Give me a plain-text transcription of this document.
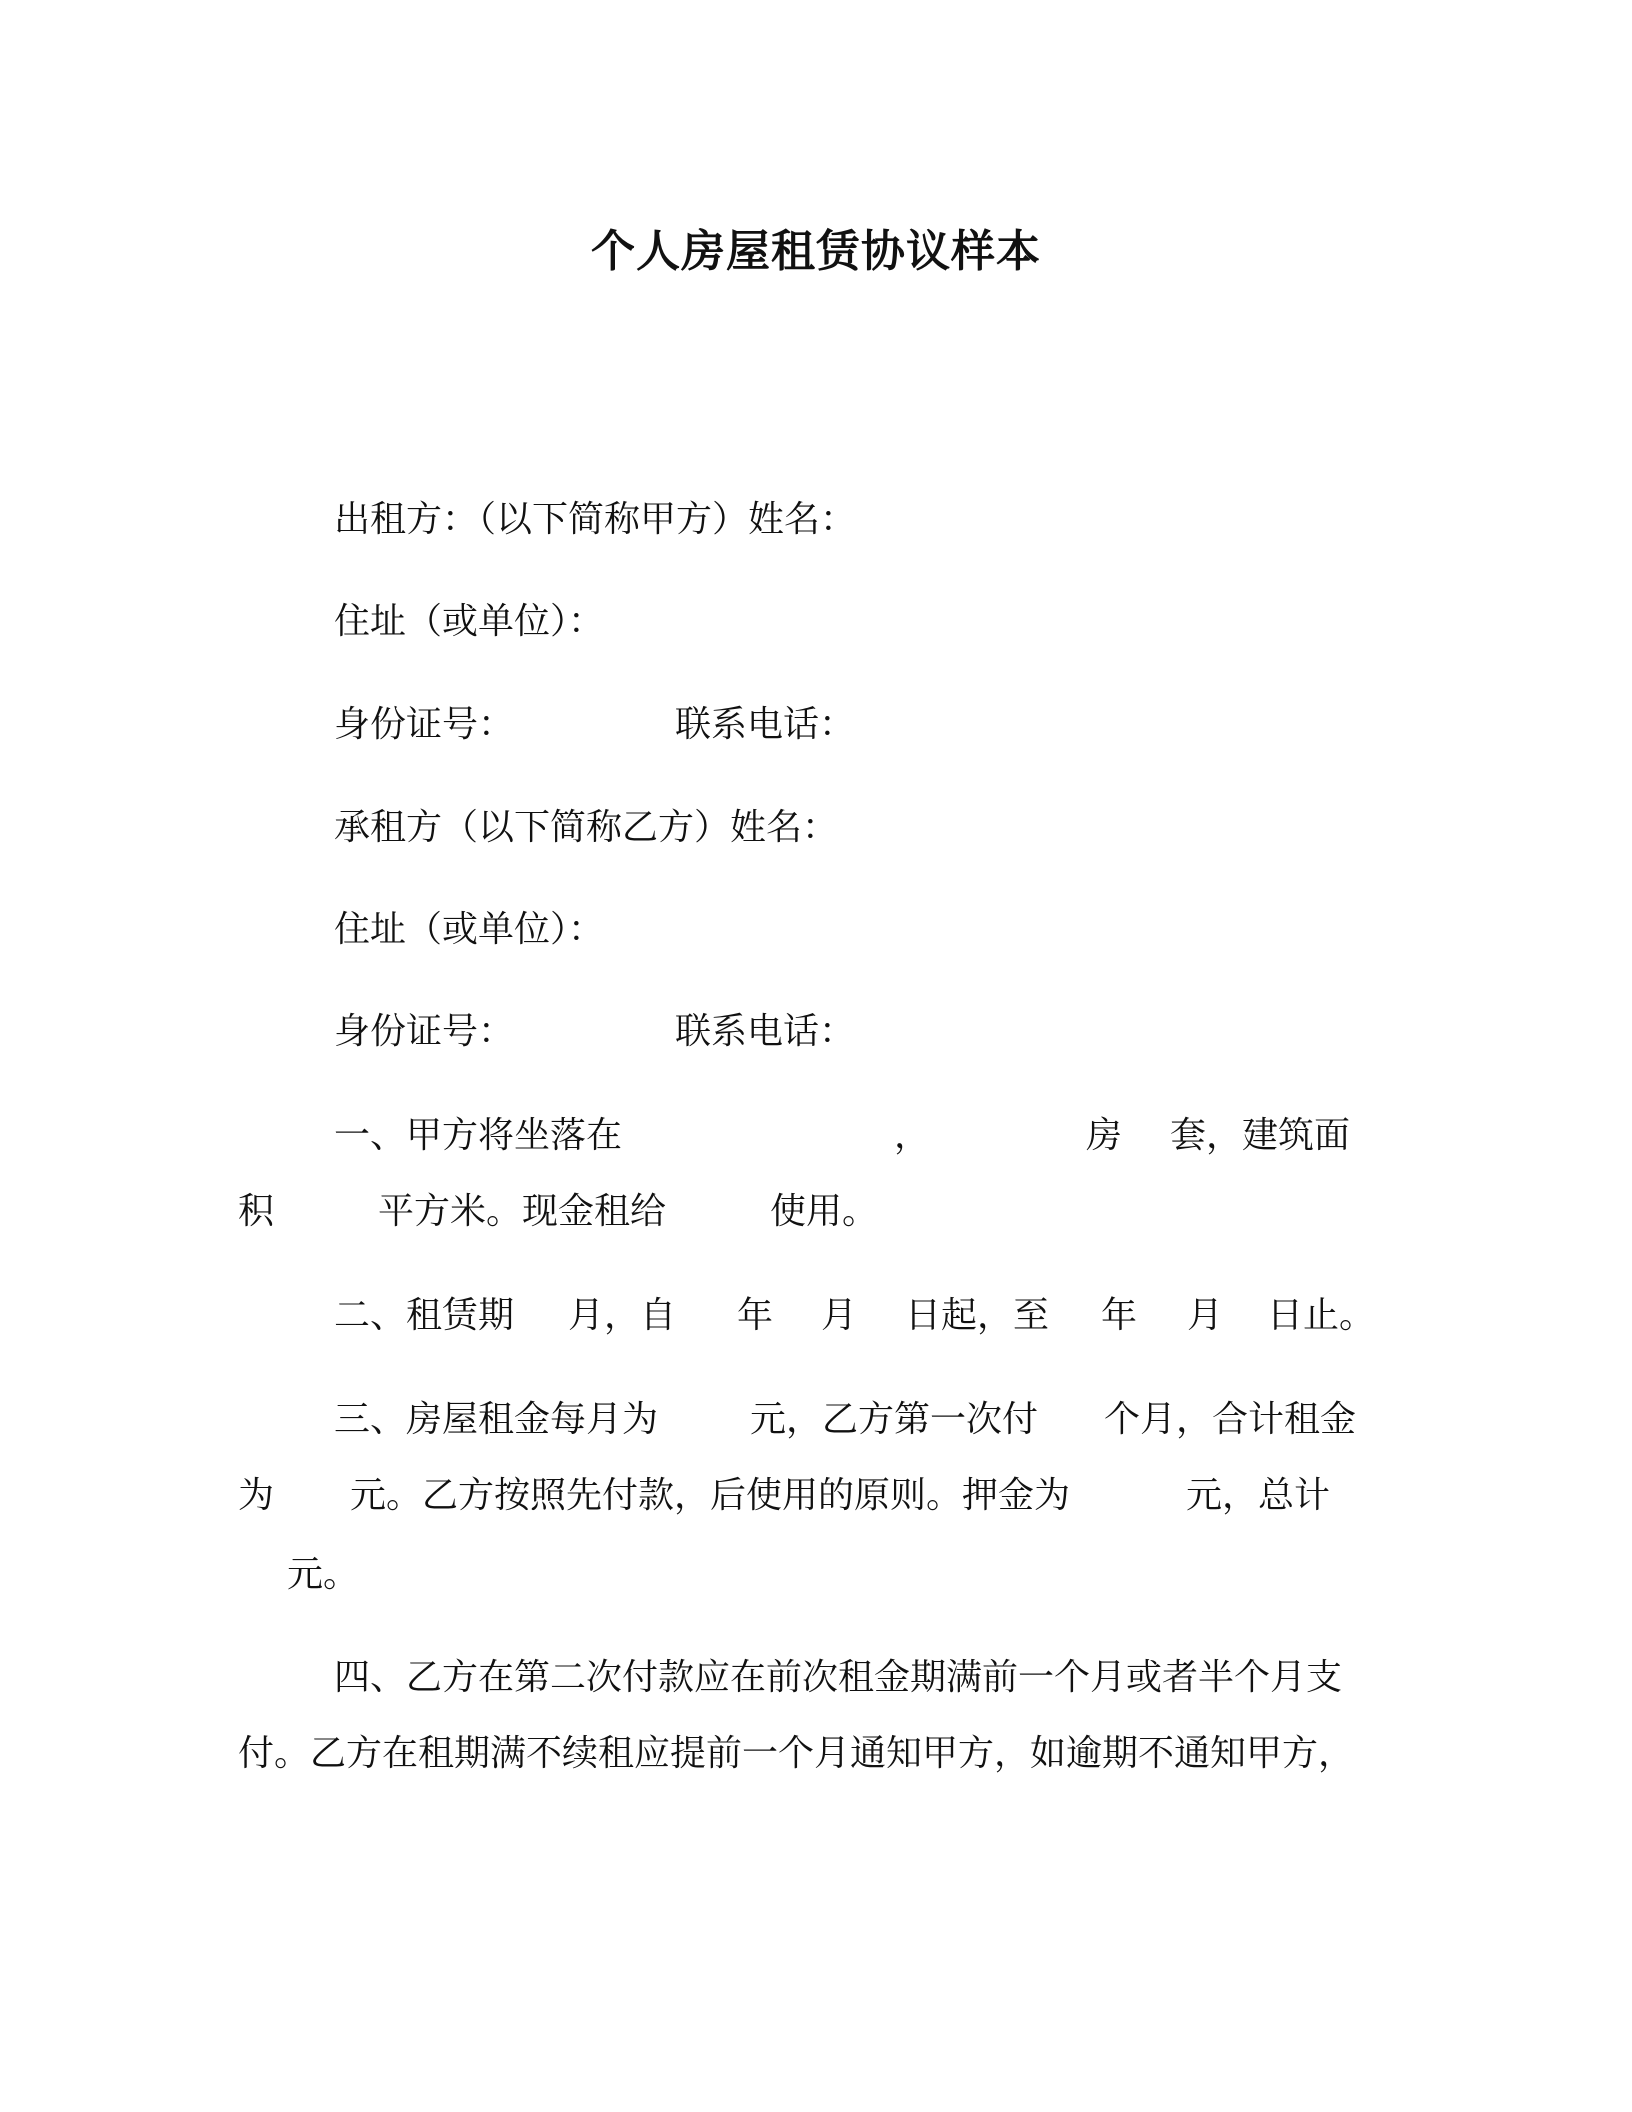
个人房屋租赁协议样本

出租方：（以下简称甲方）姓名：

住址（或单位）：

身份证号：	联系电话：

承租方（以下简称乙方）姓名：

住址（或单位）：

身份证号：	联系电话：
一、甲方将坐落在	，	房 套，建筑面
积	平方米。现金租给	使用。
二、租赁期 月，自 年 月 日起，至 年 月 日止。
三、房屋租金每月为	元，乙方第一次付 个月，合计租金
为 元。乙方按照先付款，后使用的原则。押金为	元，总计

元。

四、乙方在第二次付款应在前次租金期满前一个月或者半个月支

付。乙方在租期满不续租应提前一个月通知甲方，如逾期不通知甲方，
